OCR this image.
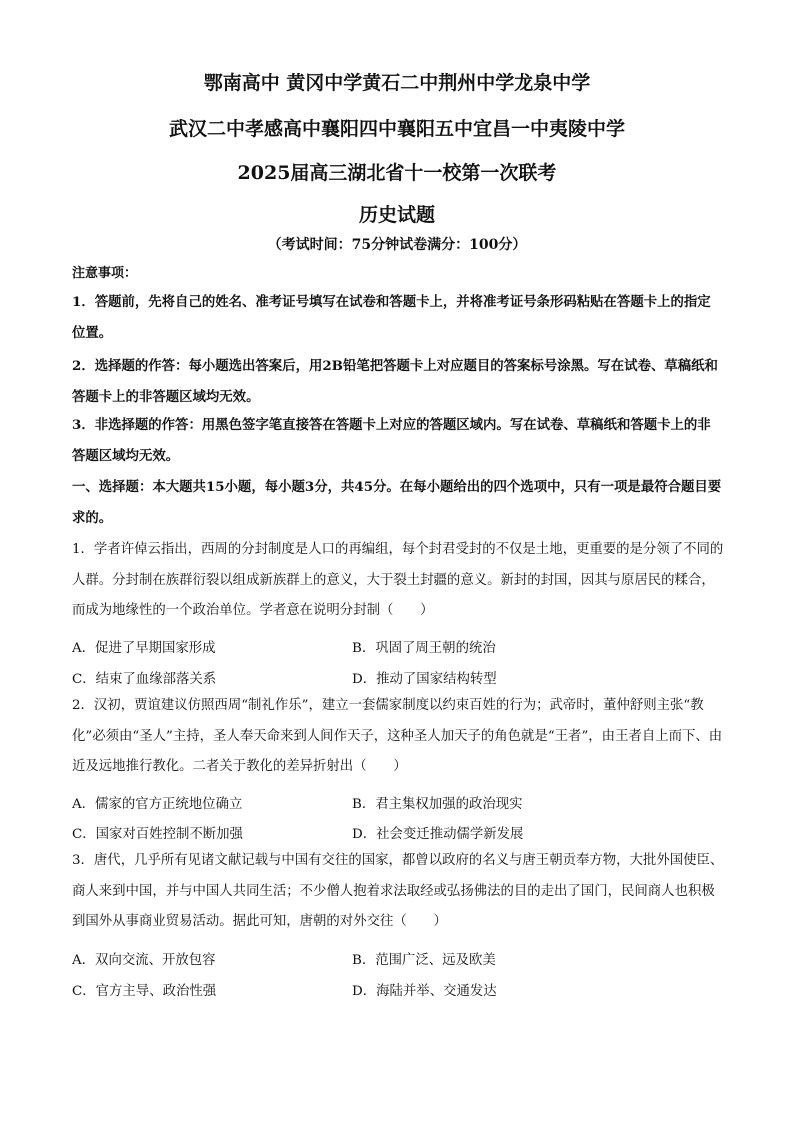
鄂南高中 黄冈中学黄石二中荆州中学龙泉中学
武汉二中孝感高中襄阳四中襄阳五中宜昌一中夷陵中学
2025届高三湖北省十一校第一次联考
历史试题
（考试时间：75分钟试卷满分：100分）
注意事项：
1．答题前，先将自己的姓名、准考证号填写在试卷和答题卡上，并将准考证号条形码粘贴在答题卡上的指定位置。
2．选择题的作答：每小题选出答案后，用2B铅笔把答题卡上对应题目的答案标号涂黑。写在试卷、草稿纸和答题卡上的非答题区域均无效。
3．非选择题的作答：用黑色签字笔直接答在答题卡上对应的答题区域内。写在试卷、草稿纸和答题卡上的非答题区域均无效。
一、选择题：本大题共15小题，每小题3分，共45分。在每小题给出的四个选项中，只有一项是最符合题目要求的。
1．学者许倬云指出，西周的分封制度是人口的再编组，每个封君受封的不仅是土地，更重要的是分领了不同的人群。分封制在族群衍裂以组成新族群上的意义，大于裂土封疆的意义。新封的封国，因其与原居民的糅合，而成为地缘性的一个政治单位。学者意在说明分封制（　　）
A．促进了早期国家形成	B．巩固了周王朝的统治
C．结束了血缘部落关系	D．推动了国家结构转型
2．汉初，贾谊建议仿照西周“制礼作乐”，建立一套儒家制度以约束百姓的行为；武帝时，董仲舒则主张“教化”必须由“圣人”主持，圣人奉天命来到人间作天子，这种圣人加天子的角色就是“王者”，由王者自上而下、由近及远地推行教化。二者关于教化的差异折射出（　　）
A．儒家的官方正统地位确立	B．君主集权加强的政治现实
C．国家对百姓控制不断加强	D．社会变迁推动儒学新发展
3．唐代，几乎所有见诸文献记载与中国有交往的国家，都曾以政府的名义与唐王朝贡奉方物，大批外国使臣、商人来到中国，并与中国人共同生活；不少僧人抱着求法取经或弘扬佛法的目的走出了国门，民间商人也积极到国外从事商业贸易活动。据此可知，唐朝的对外交往（　　）
A．双向交流、开放包容	B．范围广泛、远及欧美
C．官方主导、政治性强	D．海陆并举、交通发达
